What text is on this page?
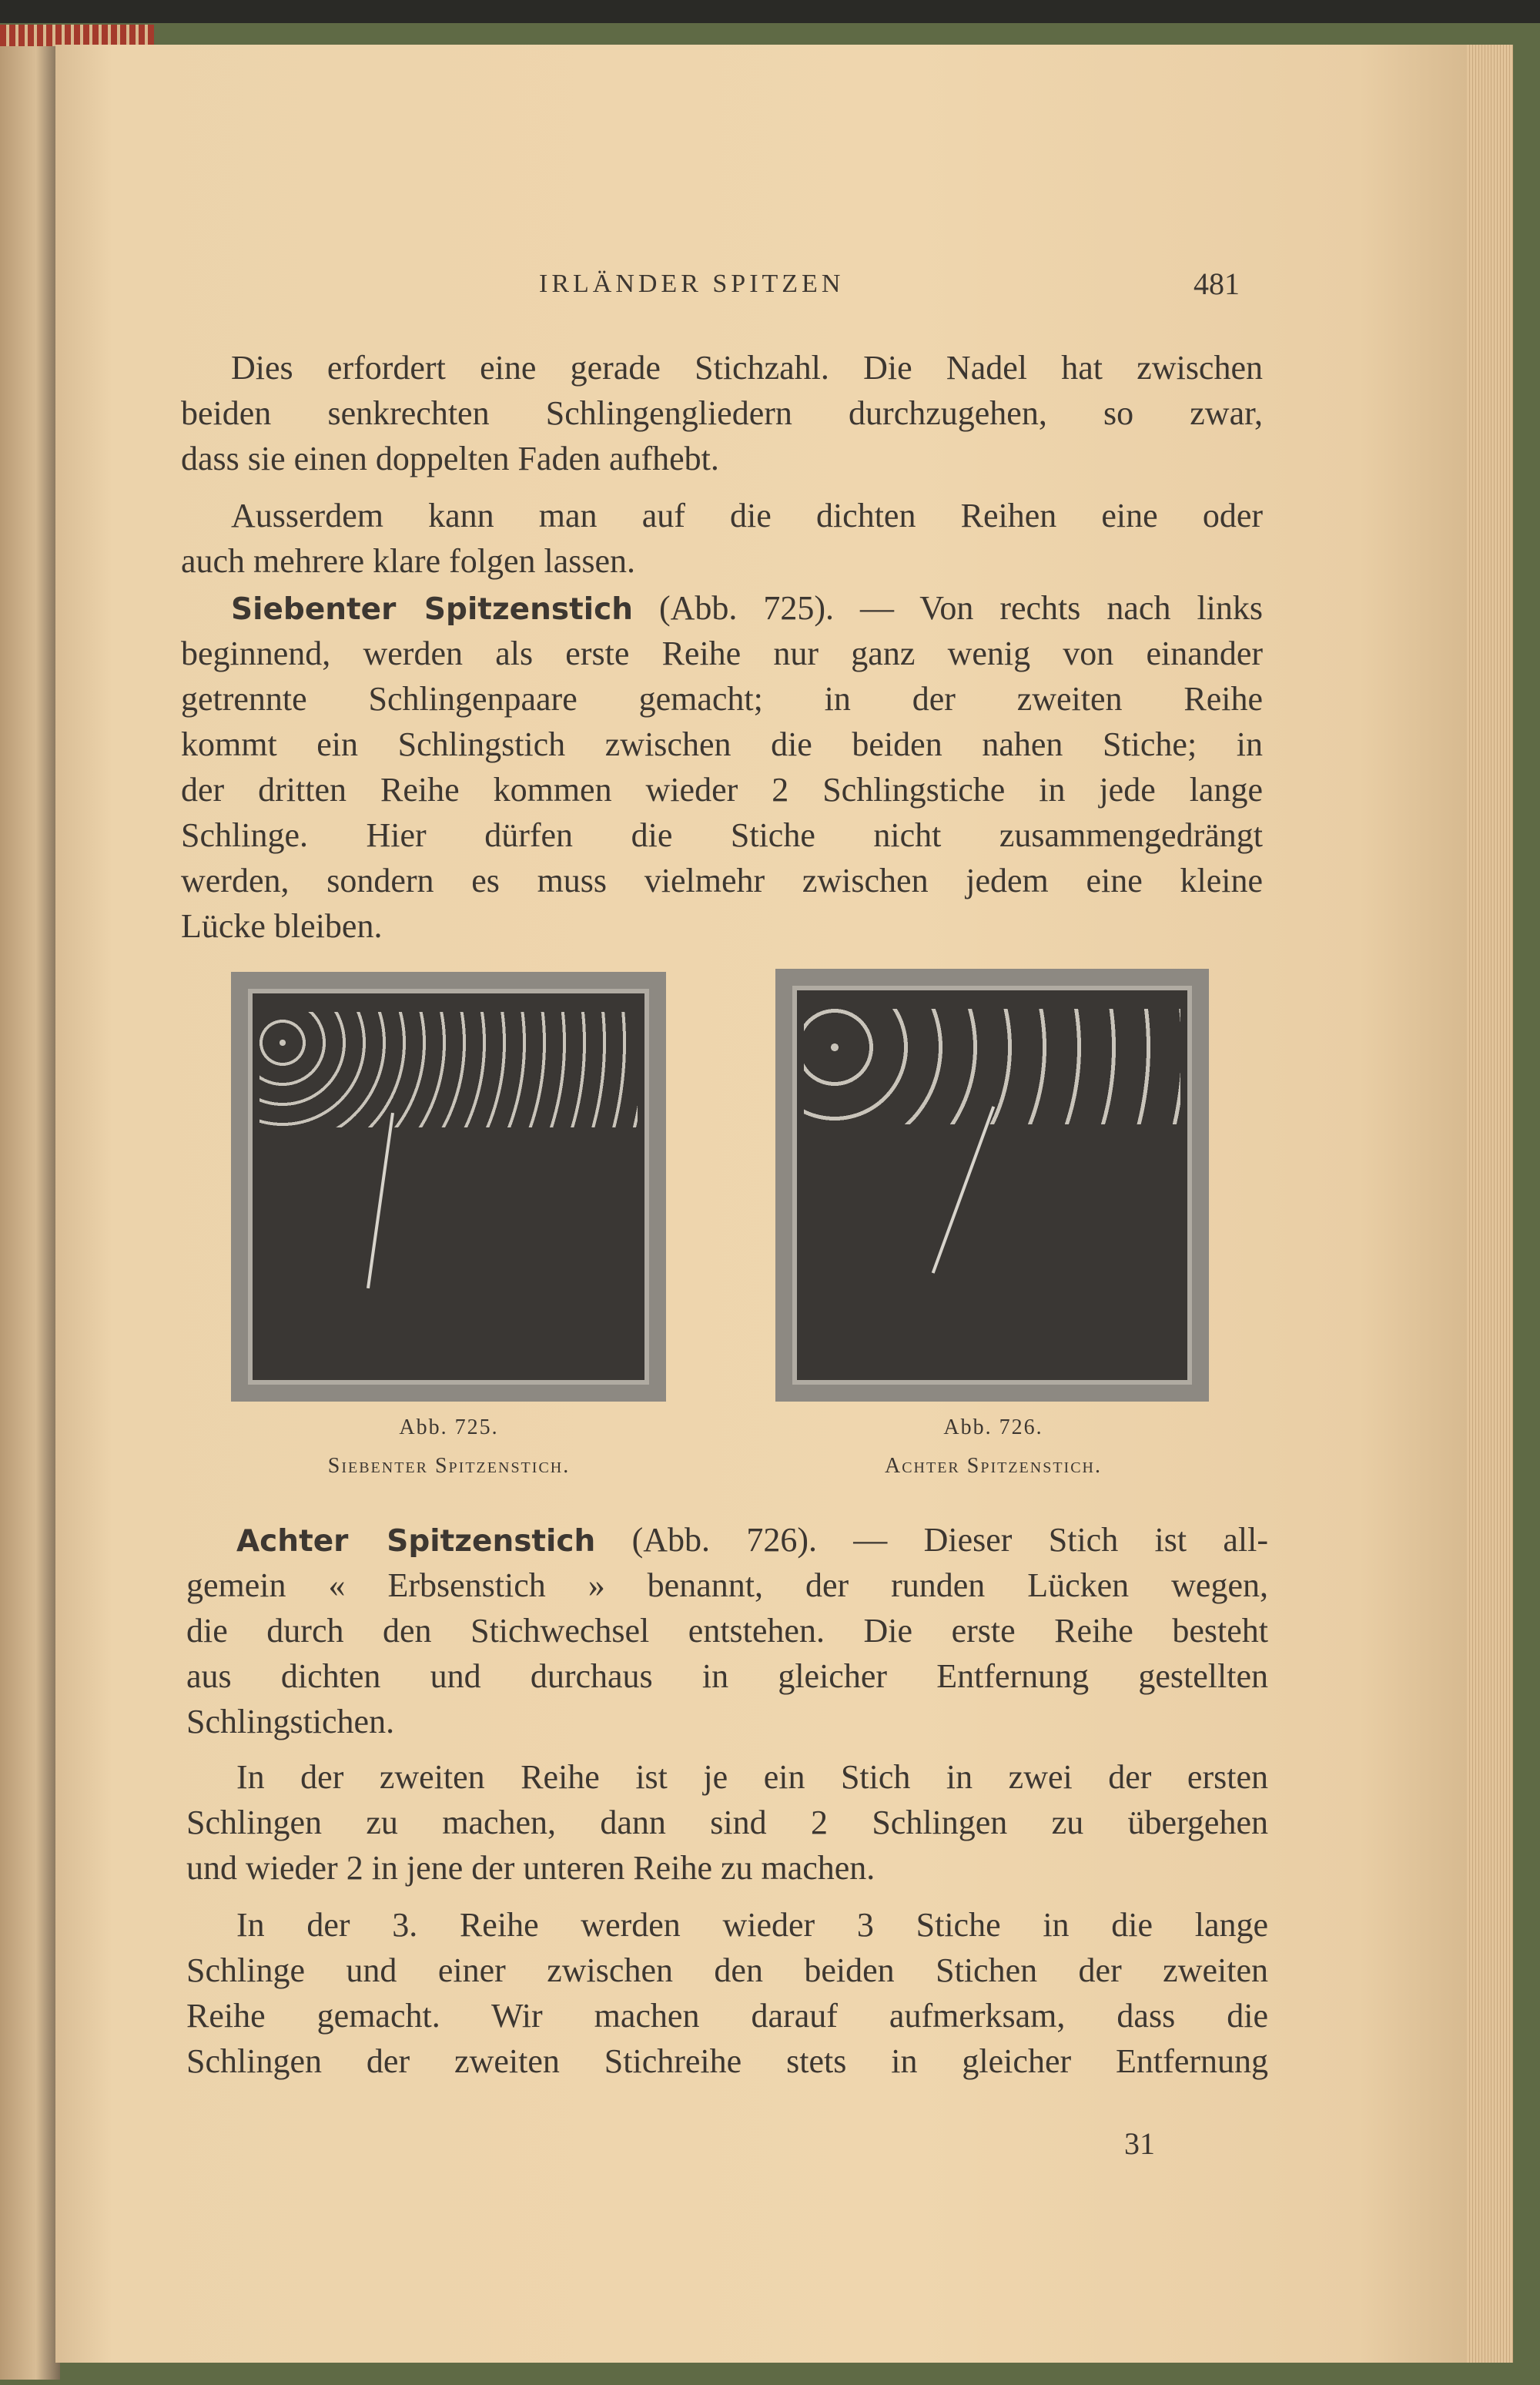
IRLÄNDER SPITZEN	481
Dies erfordert eine gerade Stichzahl. Die Nadel hat zwischen
beiden senkrechten Schlingengliedern durchzugehen, so zwar,
dass sie einen doppelten Faden aufhebt.
Ausserdem kann man auf die dichten Reihen eine oder
auch mehrere klare folgen lassen.
Siebenter Spitzenstich (Abb. 725). — Von rechts nach links
beginnend, werden als erste Reihe nur ganz wenig von einander
getrennte Schlingenpaare gemacht; in der zweiten Reihe
kommt ein Schlingstich zwischen die beiden nahen Stiche; in
der dritten Reihe kommen wieder 2 Schlingstiche in jede lange
Schlinge. Hier dürfen die Stiche nicht zusammengedrängt
werden, sondern es muss vielmehr zwischen jedem eine kleine
Lücke bleiben.
Abb. 725.
Siebenter Spitzenstich.
Abb. 726.
Achter Spitzenstich.
Achter Spitzenstich (Abb. 726). — Dieser Stich ist all-
gemein « Erbsenstich » benannt, der runden Lücken wegen,
die durch den Stichwechsel entstehen. Die erste Reihe besteht
aus dichten und durchaus in gleicher Entfernung gestellten
Schlingstichen.
In der zweiten Reihe ist je ein Stich in zwei der ersten
Schlingen zu machen, dann sind 2 Schlingen zu übergehen
und wieder 2 in jene der unteren Reihe zu machen.
In der 3. Reihe werden wieder 3 Stiche in die lange
Schlinge und einer zwischen den beiden Stichen der zweiten
Reihe gemacht. Wir machen darauf aufmerksam, dass die
Schlingen der zweiten Stichreihe stets in gleicher Entfernung
31
